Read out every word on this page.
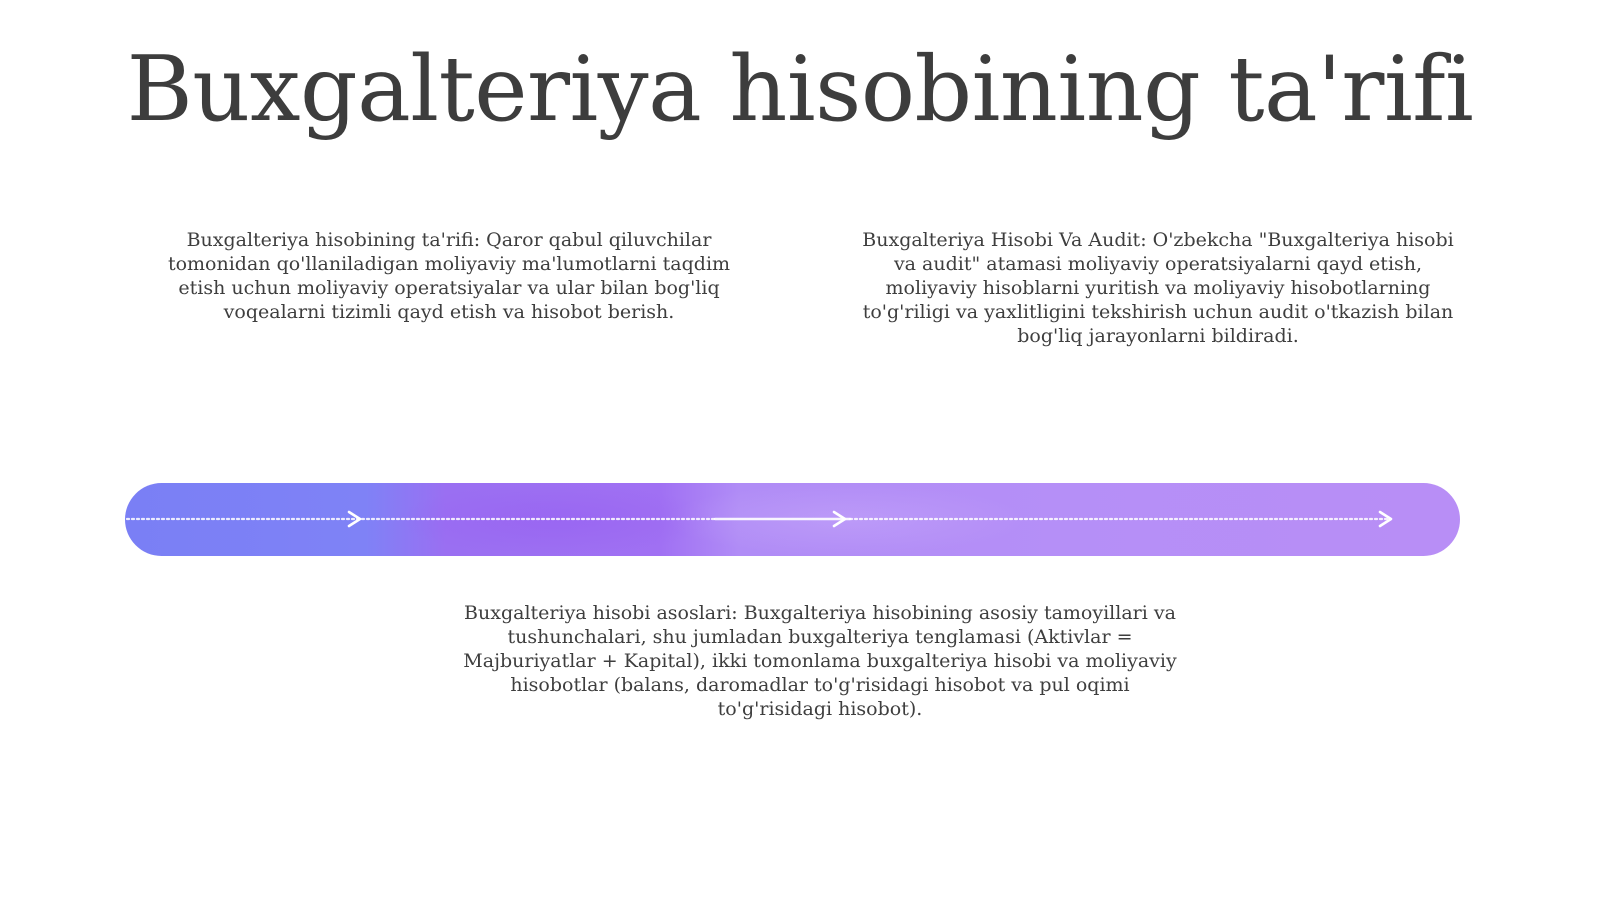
Buxgalteriya hisobining ta'rifi

Buxgalteriya hisobining ta'rifi: Qaror qabul qiluvchilar tomonidan qo'llaniladigan moliyaviy ma'lumotlarni taqdim etish uchun moliyaviy operatsiyalar va ular bilan bog'liq voqealarni tizimli qayd etish va hisobot berish.

Buxgalteriya Hisobi Va Audit: O'zbekcha "Buxgalteriya hisobi va audit" atamasi moliyaviy operatsiyalarni qayd etish, moliyaviy hisoblarni yuritish va moliyaviy hisobotlarning to'g'riligi va yaxlitligini tekshirish uchun audit o'tkazish bilan bog'liq jarayonlarni bildiradi.

Buxgalteriya hisobi asoslari: Buxgalteriya hisobining asosiy tamoyillari va tushunchalari, shu jumladan buxgalteriya tenglamasi (Aktivlar = Majburiyatlar + Kapital), ikki tomonlama buxgalteriya hisobi va moliyaviy hisobotlar (balans, daromadlar to'g'risidagi hisobot va pul oqimi to'g'risidagi hisobot).
